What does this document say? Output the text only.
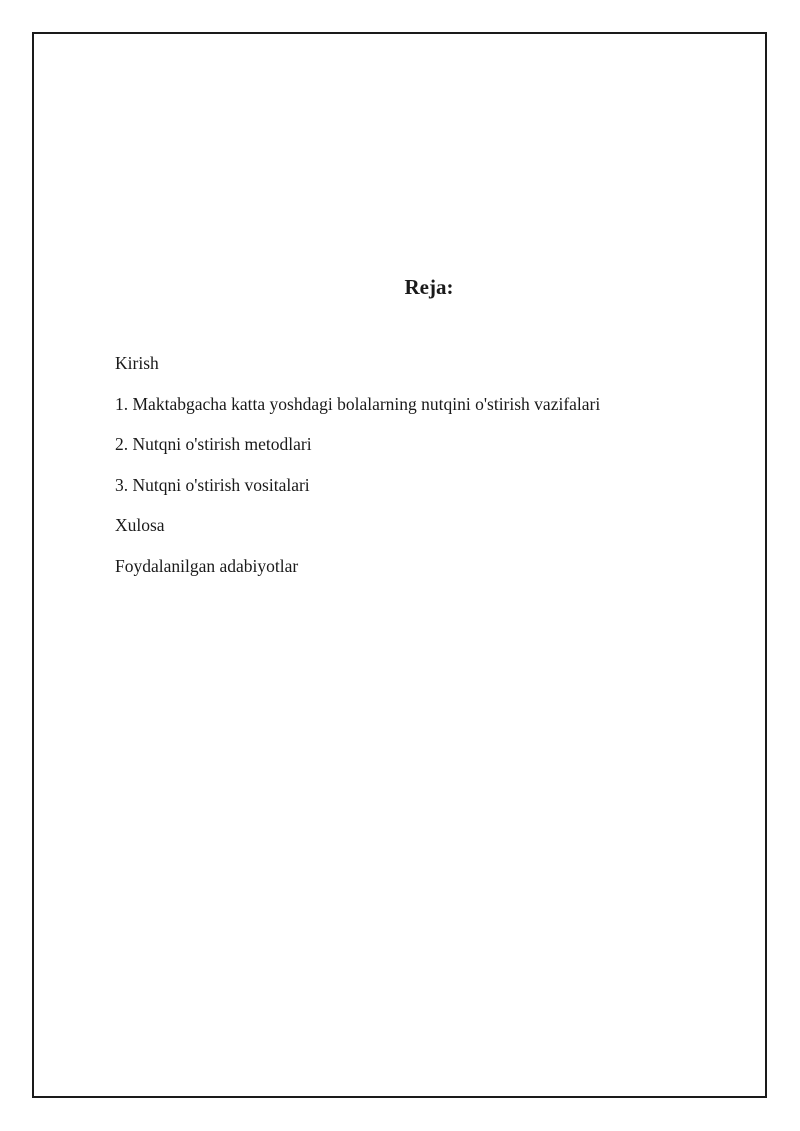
Reja:
Kirish
1. Maktabgacha katta yoshdagi bolalarning nutqini o'stirish vazifalari
2. Nutqni o'stirish metodlari
3. Nutqni o'stirish vositalari
Xulosa
Foydalanilgan adabiyotlar
